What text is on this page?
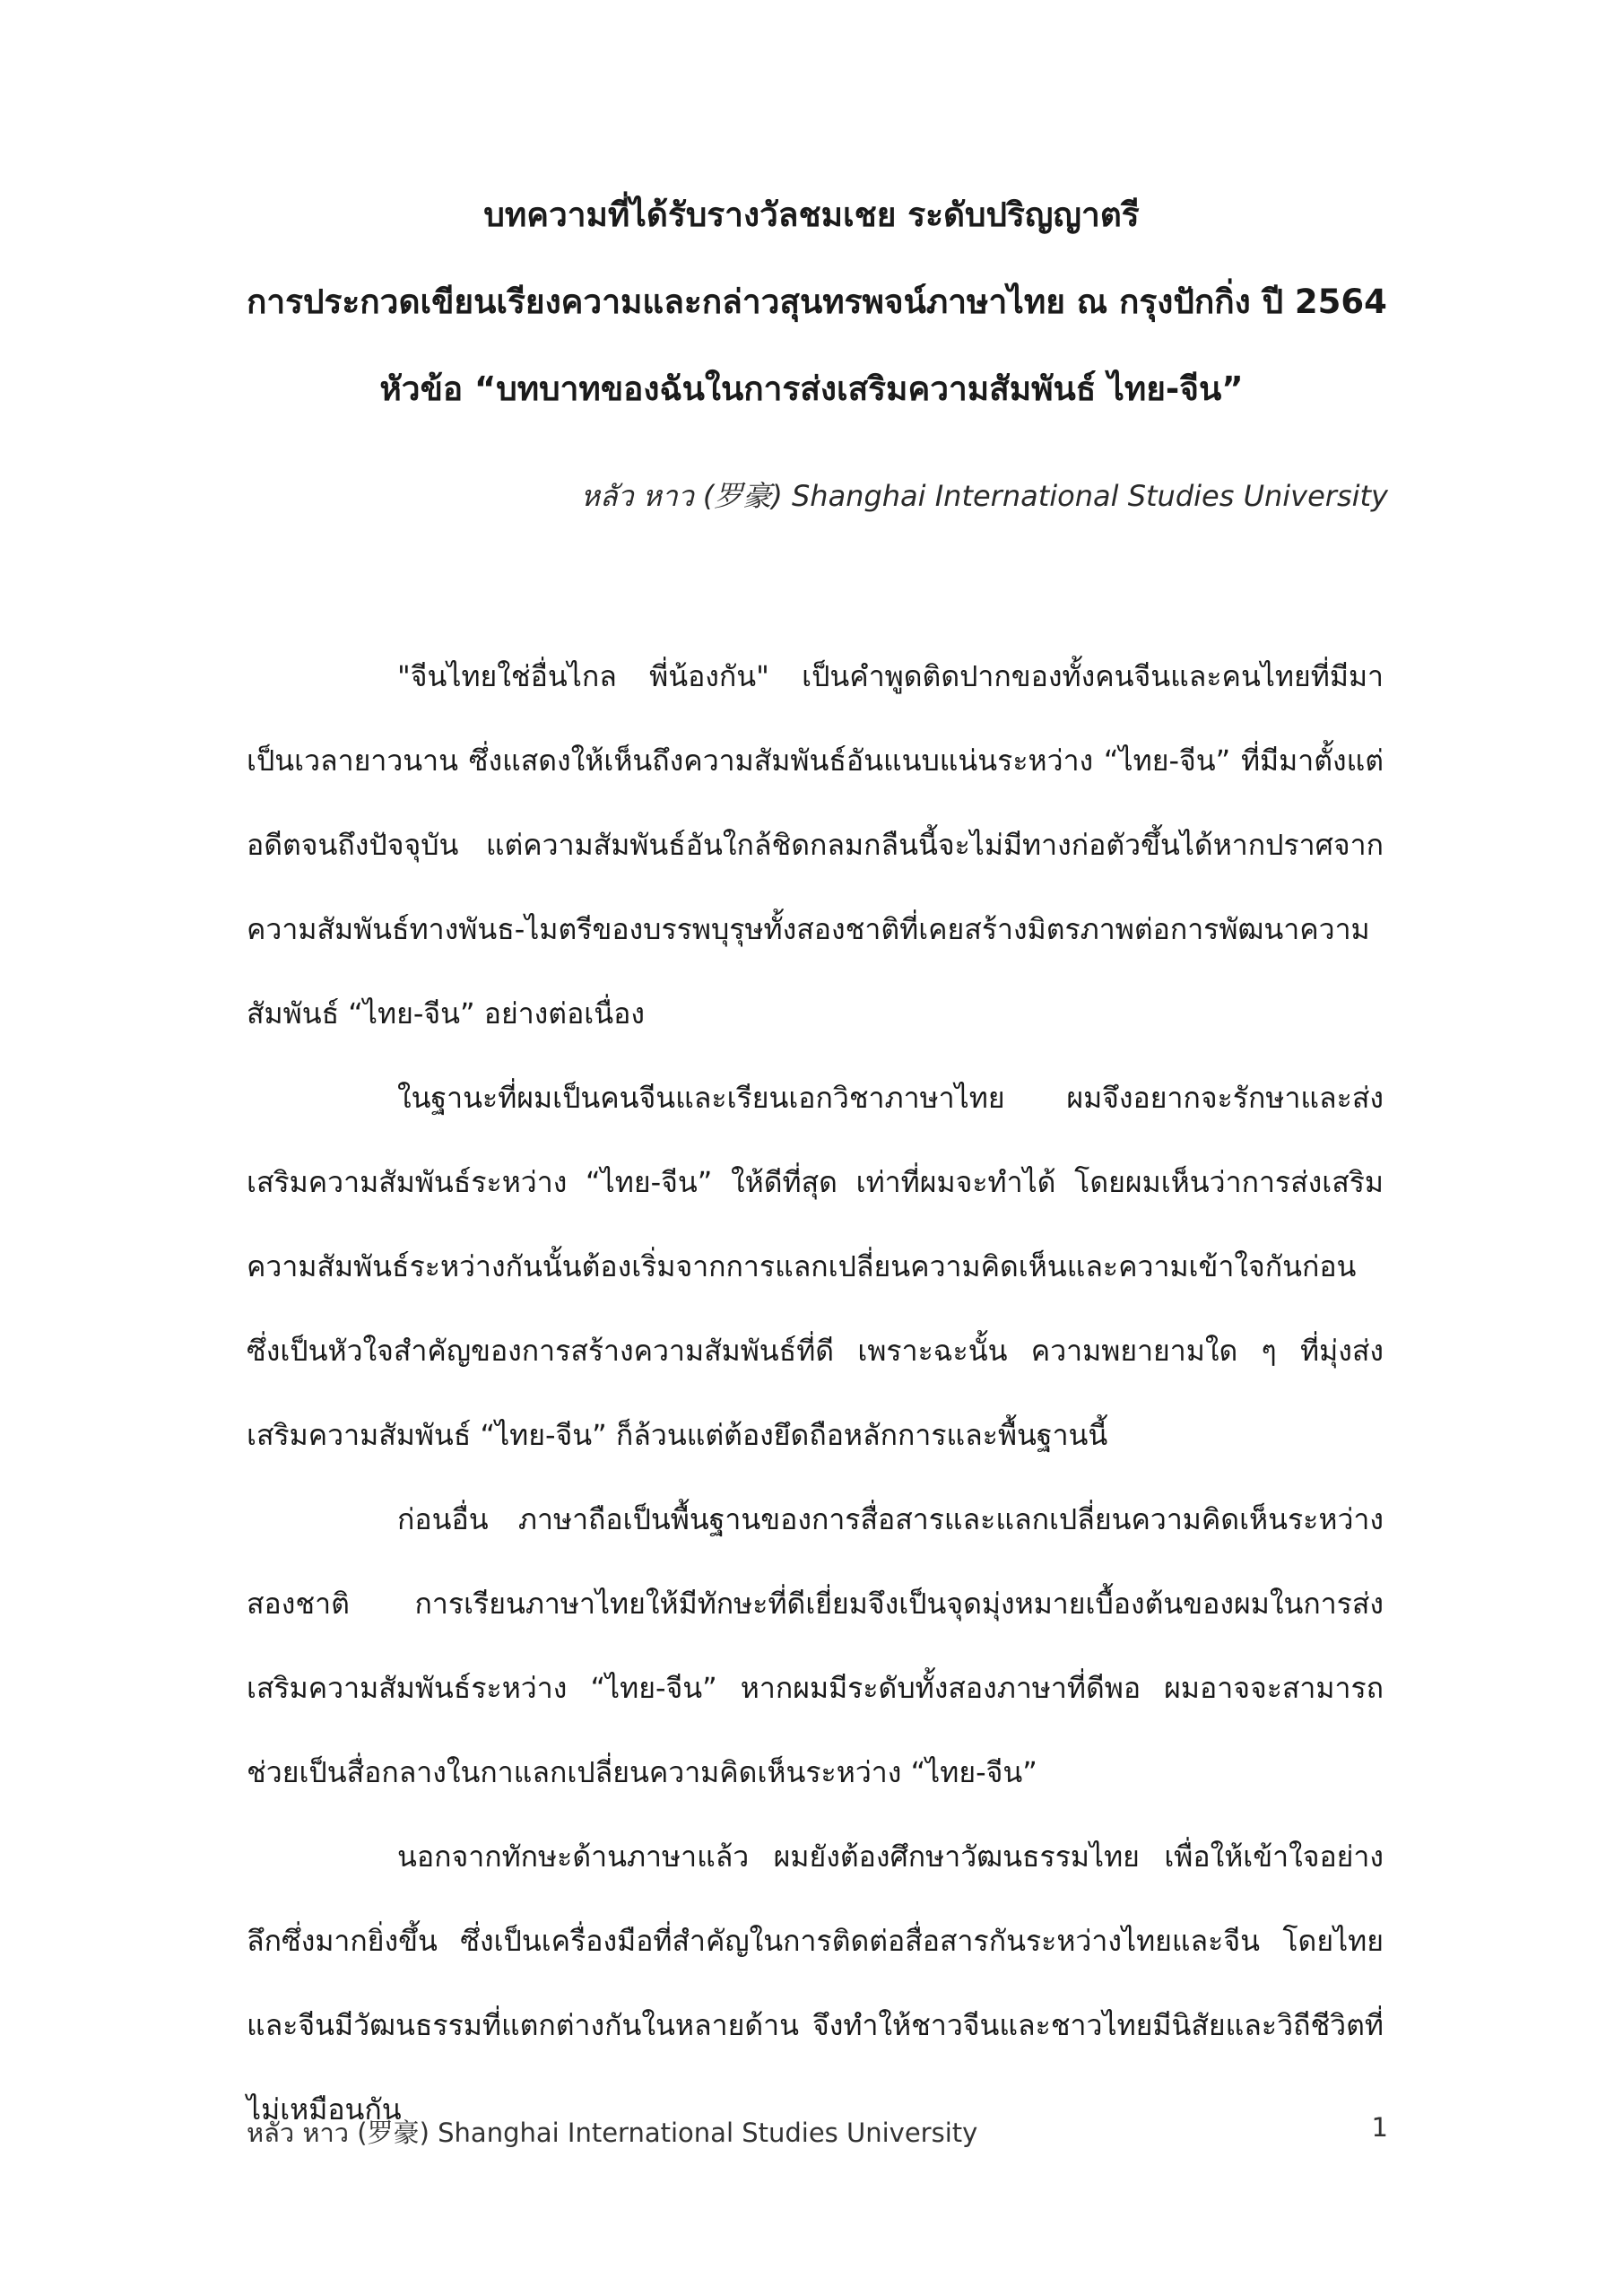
บทความที่ได้รับรางวัลชมเชย ระดับปริญญาตรี
การประกวดเขียนเรียงความและกล่าวสุนทรพจน์ภาษาไทย ณ กรุงปักกิ่ง ปี 2564
หัวข้อ “บทบาทของฉันในการส่งเสริมความสัมพันธ์ ไทย-จีน”
หลัว หาว (罗豪) Shanghai International Studies University

"จีนไทยใช่อื่นไกล พี่น้องกัน" เป็นคำพูดติดปากของทั้งคนจีนและคนไทยที่มีมาเป็นเวลายาวนาน ซึ่งแสดงให้เห็นถึงความสัมพันธ์อันแนบแน่นระหว่าง “ไทย-จีน” ที่มีมาตั้งแต่อดีตจนถึงปัจจุบัน แต่ความสัมพันธ์อันใกล้ชิดกลมกลืนนี้จะไม่มีทางก่อตัวขึ้นได้หากปราศจากความสัมพันธ์ทางพันธ-ไมตรีของบรรพบุรุษทั้งสองชาติที่เคยสร้างมิตรภาพต่อการพัฒนาความสัมพันธ์ “ไทย-จีน” อย่างต่อเนื่อง

ในฐานะที่ผมเป็นคนจีนและเรียนเอกวิชาภาษาไทย ผมจึงอยากจะรักษาและส่งเสริมความสัมพันธ์ระหว่าง “ไทย-จีน” ให้ดีที่สุด เท่าที่ผมจะทำได้ โดยผมเห็นว่าการส่งเสริมความสัมพันธ์ระหว่างกันนั้นต้องเริ่มจากการแลกเปลี่ยนความคิดเห็นและความเข้าใจกันก่อน ซึ่งเป็นหัวใจสำคัญของการสร้างความสัมพันธ์ที่ดี เพราะฉะนั้น ความพยายามใด ๆ ที่มุ่งส่งเสริมความสัมพันธ์ “ไทย-จีน” ก็ล้วนแต่ต้องยึดถือหลักการและพื้นฐานนี้

ก่อนอื่น ภาษาถือเป็นพื้นฐานของการสื่อสารและแลกเปลี่ยนความคิดเห็นระหว่างสองชาติ การเรียนภาษาไทยให้มีทักษะที่ดีเยี่ยมจึงเป็นจุดมุ่งหมายเบื้องต้นของผมในการส่งเสริมความสัมพันธ์ระหว่าง “ไทย-จีน” หากผมมีระดับทั้งสองภาษาที่ดีพอ ผมอาจจะสามารถช่วยเป็นสื่อกลางในกาแลกเปลี่ยนความคิดเห็นระหว่าง “ไทย-จีน”

นอกจากทักษะด้านภาษาแล้ว ผมยังต้องศึกษาวัฒนธรรมไทย เพื่อให้เข้าใจอย่างลึกซึ่งมากยิ่งขึ้น ซึ่งเป็นเครื่องมือที่สำคัญในการติดต่อสื่อสารกันระหว่างไทยและจีน โดยไทยและจีนมีวัฒนธรรมที่แตกต่างกันในหลายด้าน จึงทำให้ชาวจีนและชาวไทยมีนิสัยและวิถีชีวิตที่ไม่เหมือนกัน

หลัว หาว (罗豪) Shanghai International Studies University	1
